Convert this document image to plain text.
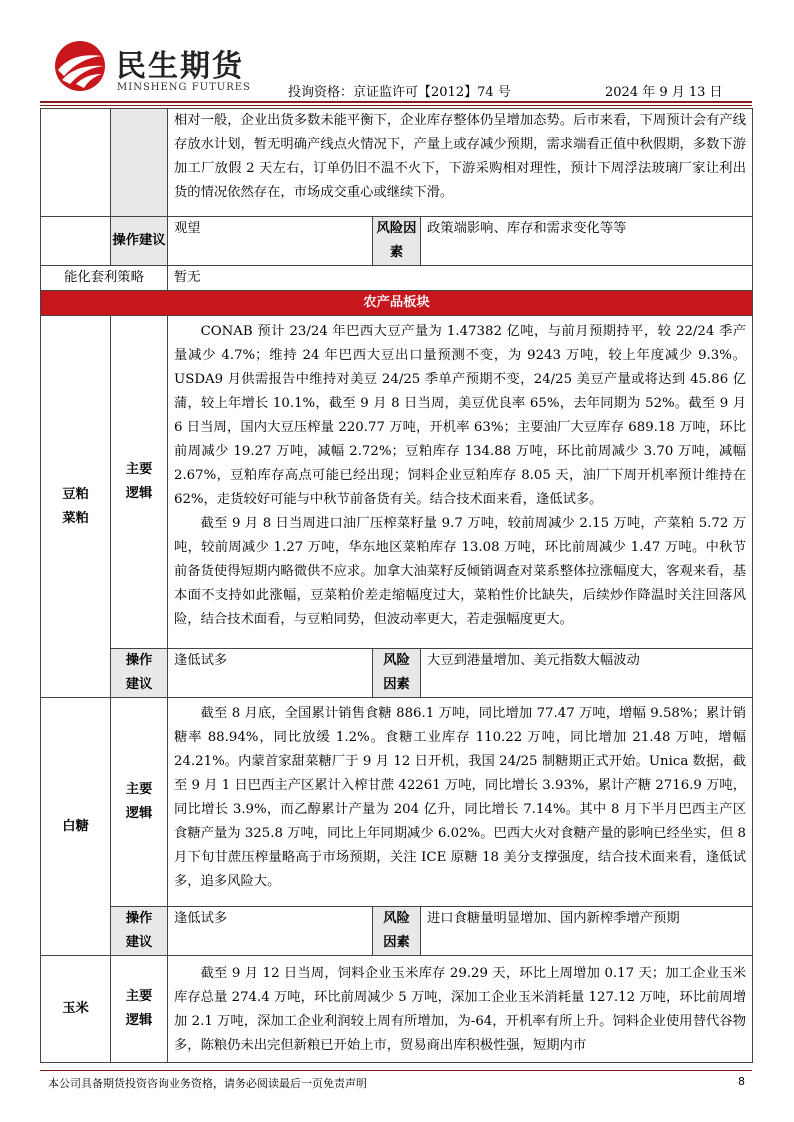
民生期货
MINSHENG FUTURES	投询资格：京证监许可【2012】74 号	2024 年 9 月 13 日

		相对一般，企业出货多数未能平衡下，企业库存整体仍呈增加态势。后市来看，下周预计会有产线存放水计划，暂无明确产线点火情况下，产量上或存减少预期，需求端看正值中秋假期，多数下游加工厂放假 2 天左右，订单仍旧不温不火下，下游采购相对理性，预计下周浮法玻璃厂家让利出货的情况依然存在，市场成交重心或继续下滑。		

	操作建议	观望	风险因素	政策端影响、库存和需求变化等等
能化套利策略		暂无		
农产品板块				
豆粕菜粕	主要逻辑	CONAB 预计 23/24 年巴西大豆产量为 1.47382 亿吨，与前月预期持平，较 22/24 季产量减少 4.7%；维持 24 年巴西大豆出口量预测不变，为 9243 万吨，较上年度减少 9.3%。USDA9 月供需报告中维持对美豆 24/25 季单产预期不变，24/25 美豆产量或将达到 45.86 亿蒲，较上年增长 10.1%，截至 9 月 8 日当周，美豆优良率 65%，去年同期为 52%。截至 9 月 6 日当周，国内大豆压榨量 220.77 万吨，开机率 63%；主要油厂大豆库存 689.18 万吨，环比前周减少 19.27 万吨，减幅 2.72%；豆粕库存 134.88 万吨，环比前周减少 3.70 万吨，减幅 2.67%，豆粕库存高点可能已经出现；饲料企业豆粕库存 8.05 天，油厂下周开机率预计维持在 62%，走货较好可能与中秋节前备货有关。结合技术面来看，逢低试多。

截至 9 月 8 日当周进口油厂压榨菜籽量 9.7 万吨，较前周减少 2.15 万吨，产菜粕 5.72 万吨，较前周减少 1.27 万吨，华东地区菜粕库存 13.08 万吨，环比前周减少 1.47 万吨。中秋节前备货使得短期内略微供不应求。加拿大油菜籽反倾销调查对菜系整体拉涨幅度大，客观来看，基本面不支持如此涨幅，豆菜粕价差走缩幅度过大，菜粕性价比缺失，后续炒作降温时关注回落风险，结合技术面看，与豆粕同势，但波动率更大，若走强幅度更大。		

	操作建议	逢低试多	风险因素	大豆到港量增加、美元指数大幅波动
白糖	主要逻辑	截至 8 月底，全国累计销售食糖 886.1 万吨，同比增加 77.47 万吨，增幅 9.58%；累计销糖率 88.94%，同比放缓 1.2%。食糖工业库存 110.22 万吨，同比增加 21.48 万吨，增幅 24.21%。内蒙首家甜菜糖厂于 9 月 12 日开机，我国 24/25 制糖期正式开始。Unica 数据，截至 9 月 1 日巴西主产区累计入榨甘蔗 42261 万吨，同比增长 3.93%，累计产糖 2716.9 万吨，同比增长 3.9%，而乙醇累计产量为 204 亿升，同比增长 7.14%。其中 8 月下半月巴西主产区食糖产量为 325.8 万吨，同比上年同期减少 6.02%。巴西大火对食糖产量的影响已经坐实，但 8 月下旬甘蔗压榨量略高于市场预期，关注 ICE 原糖 18 美分支撑强度，结合技术面来看，逢低试多，追多风险大。		

	操作建议	逢低试多	风险因素	进口食糖量明显增加、国内新榨季增产预期
玉米	主要逻辑	截至 9 月 12 日当周，饲料企业玉米库存 29.29 天，环比上周增加 0.17 天；加工企业玉米库存总量 274.4 万吨，环比前周减少 5 万吨，深加工企业玉米消耗量 127.12 万吨，环比前周增加 2.1 万吨，深加工企业利润较上周有所增加，为-64，开机率有所上升。饲料企业使用替代谷物多，陈粮仍未出完但新粮已开始上市，贸易商出库积极性强，短期内市		

本公司具备期货投资咨询业务资格，请务必阅读最后一页免责声明	8
